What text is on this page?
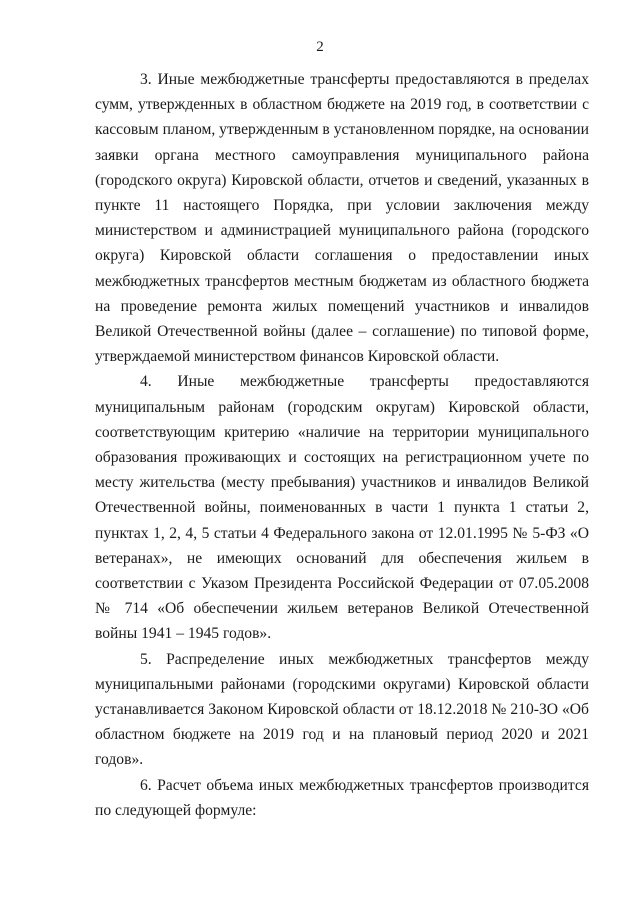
2

3. Иные межбюджетные трансферты предоставляются в пределах сумм, утвержденных в областном бюджете на 2019 год, в соответствии с кассовым планом, утвержденным в установленном порядке, на основании заявки органа местного самоуправления муниципального района (городского округа) Кировской области, отчетов и сведений, указанных в пункте 11 настоящего Порядка, при условии заключения между министерством и администрацией муниципального района (городского округа) Кировской области соглашения о предоставлении иных межбюджетных трансфертов местным бюджетам из областного бюджета на проведение ремонта жилых помещений участников и инвалидов Великой Отечественной войны (далее – соглашение) по типовой форме, утверждаемой министерством финансов Кировской области.

4. Иные межбюджетные трансферты предоставляются муниципальным районам (городским округам) Кировской области, соответствующим критерию «наличие на территории муниципального образования проживающих и состоящих на регистрационном учете по месту жительства (месту пребывания) участников и инвалидов Великой Отечественной войны, поименованных в части 1 пункта 1 статьи 2, пунктах 1, 2, 4, 5 статьи 4 Федерального закона от 12.01.1995 № 5-ФЗ «О ветеранах», не имеющих оснований для обеспечения жильем в соответствии с Указом Президента Российской Федерации от 07.05.2008 № 714 «Об обеспечении жильем ветеранов Великой Отечественной войны 1941 – 1945 годов».

5. Распределение иных межбюджетных трансфертов между муниципальными районами (городскими округами) Кировской области устанавливается Законом Кировской области от 18.12.2018 № 210-ЗО «Об областном бюджете на 2019 год и на плановый период 2020 и 2021 годов».

6. Расчет объема иных межбюджетных трансфертов производится по следующей формуле:
